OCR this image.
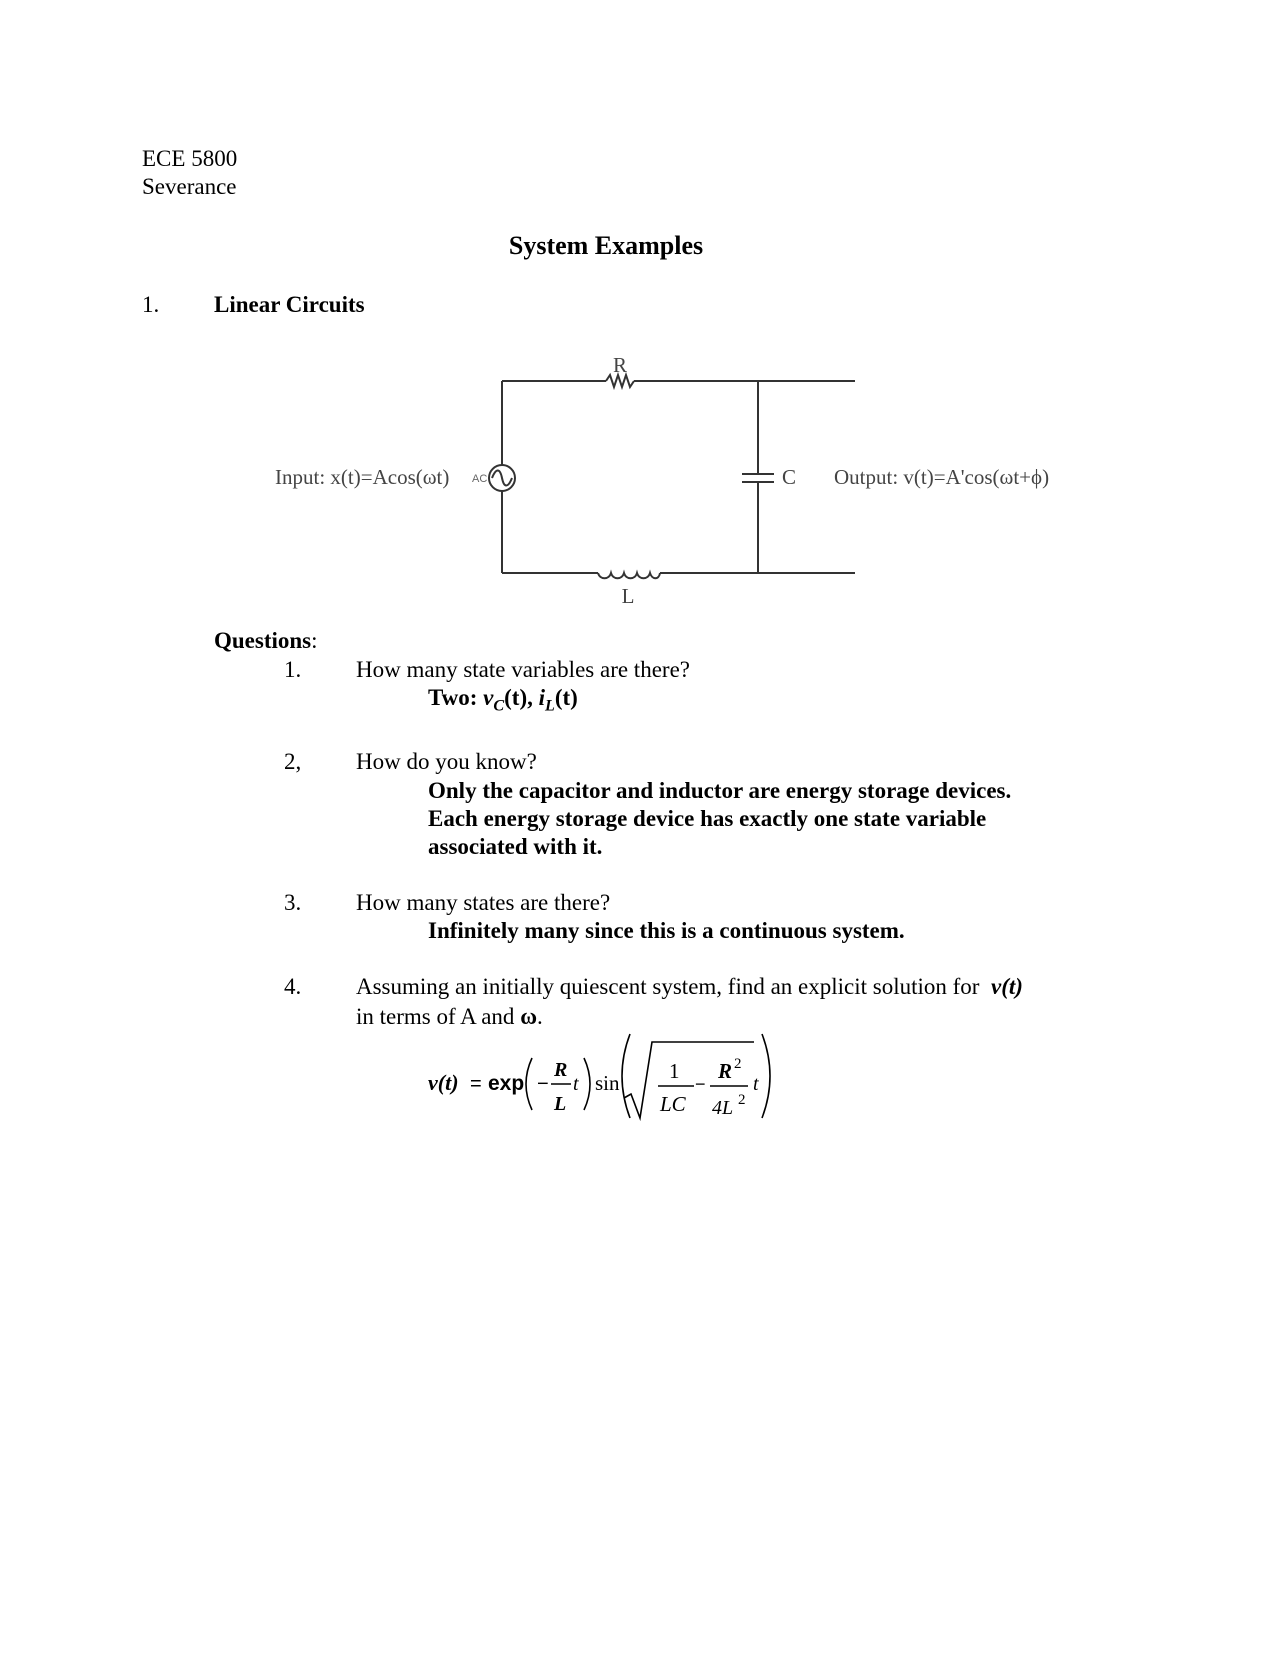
ECE 5800
Severance
System Examples
1. Linear Circuits
R
L
C
AC
Input: x(t)=Acos(ωt)	Output: v(t)=A'cos(ωt+ϕ)
Questions:
1. How many state variables are there?
Two: $v_C(t)$, $i_L(t)$
2, How do you know?
Only the capacitor and inductor are energy storage devices.
Each energy storage device has exactly one state variable
associated with it.
3. How many states are there?
Infinitely many since this is a continuous system.
4. Assuming an initially quiescent system, find an explicit solution for v(t)
in terms of A and ω.
v(t) = exp −
R
L
t sin 1
LC
−
R 2
4L 2
t
